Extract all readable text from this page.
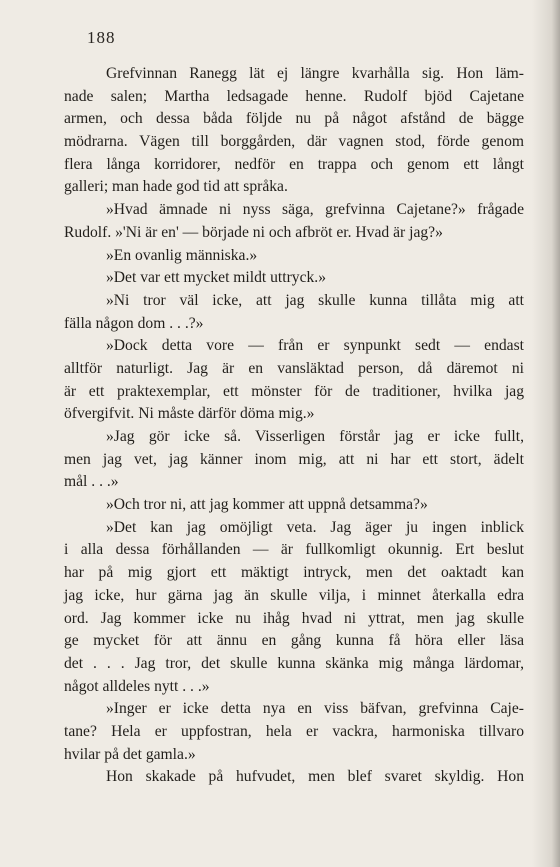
188
Grefvinnan Ranegg lät ej längre kvarhålla sig. Hon läm-
nade salen; Martha ledsagade henne. Rudolf bjöd Cajetane
armen, och dessa båda följde nu på något afstånd de bägge
mödrarna. Vägen till borggården, där vagnen stod, förde genom
flera långa korridorer, nedför en trappa och genom ett långt
galleri; man hade god tid att språka.
»Hvad ämnade ni nyss säga, grefvinna Cajetane?» frågade
Rudolf. »'Ni är en' — började ni och afbröt er. Hvad är jag?»
»En ovanlig människa.»
»Det var ett mycket mildt uttryck.»
»Ni tror väl icke, att jag skulle kunna tillåta mig att
fälla någon dom . . .?»
»Dock detta vore — från er synpunkt sedt — endast
alltför naturligt. Jag är en vansläktad person, då däremot ni
är ett praktexemplar, ett mönster för de traditioner, hvilka jag
öfvergifvit. Ni måste därför döma mig.»
»Jag gör icke så. Visserligen förstår jag er icke fullt,
men jag vet, jag känner inom mig, att ni har ett stort, ädelt
mål . . .»
»Och tror ni, att jag kommer att uppnå detsamma?»
»Det kan jag omöjligt veta. Jag äger ju ingen inblick
i alla dessa förhållanden — är fullkomligt okunnig. Ert beslut
har på mig gjort ett mäktigt intryck, men det oaktadt kan
jag icke, hur gärna jag än skulle vilja, i minnet återkalla edra
ord. Jag kommer icke nu ihåg hvad ni yttrat, men jag skulle
ge mycket för att ännu en gång kunna få höra eller läsa
det . . . Jag tror, det skulle kunna skänka mig många lärdomar,
något alldeles nytt . . .»
»Inger er icke detta nya en viss bäfvan, grefvinna Caje-
tane? Hela er uppfostran, hela er vackra, harmoniska tillvaro
hvilar på det gamla.»
Hon skakade på hufvudet, men blef svaret skyldig. Hon
